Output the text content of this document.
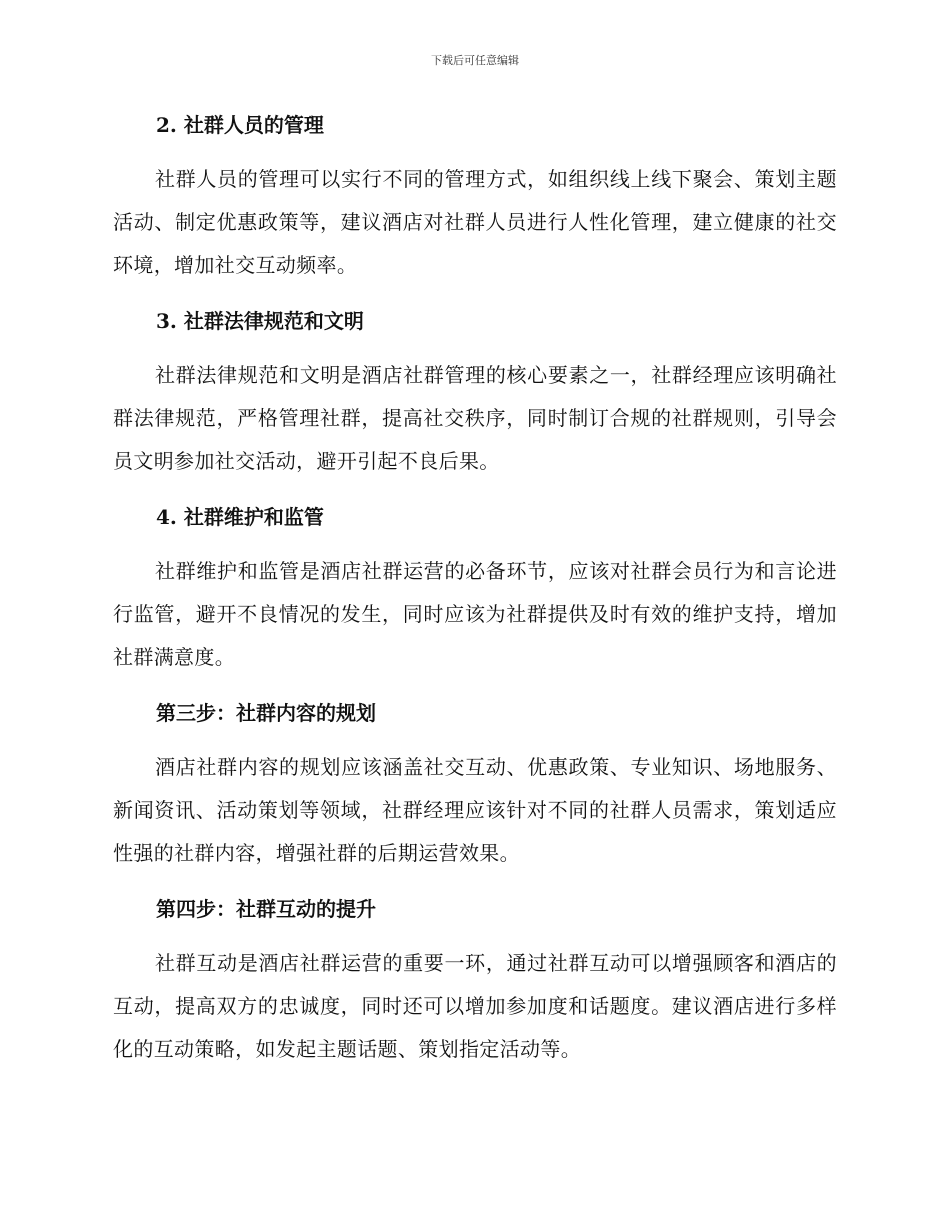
下载后可任意编辑
2. 社群人员的管理

社群人员的管理可以实行不同的管理方式，如组织线上线下聚会、策划主题活动、制定优惠政策等，建议酒店对社群人员进行人性化管理，建立健康的社交环境，增加社交互动频率。

3. 社群法律规范和文明

社群法律规范和文明是酒店社群管理的核心要素之一，社群经理应该明确社群法律规范，严格管理社群，提高社交秩序，同时制订合规的社群规则，引导会员文明参加社交活动，避开引起不良后果。

4. 社群维护和监管

社群维护和监管是酒店社群运营的必备环节，应该对社群会员行为和言论进行监管，避开不良情况的发生，同时应该为社群提供及时有效的维护支持，增加社群满意度。

第三步：社群内容的规划

酒店社群内容的规划应该涵盖社交互动、优惠政策、专业知识、场地服务、新闻资讯、活动策划等领域，社群经理应该针对不同的社群人员需求，策划适应性强的社群内容，增强社群的后期运营效果。

第四步：社群互动的提升

社群互动是酒店社群运营的重要一环，通过社群互动可以增强顾客和酒店的互动，提高双方的忠诚度，同时还可以增加参加度和话题度。建议酒店进行多样化的互动策略，如发起主题话题、策划指定活动等。
